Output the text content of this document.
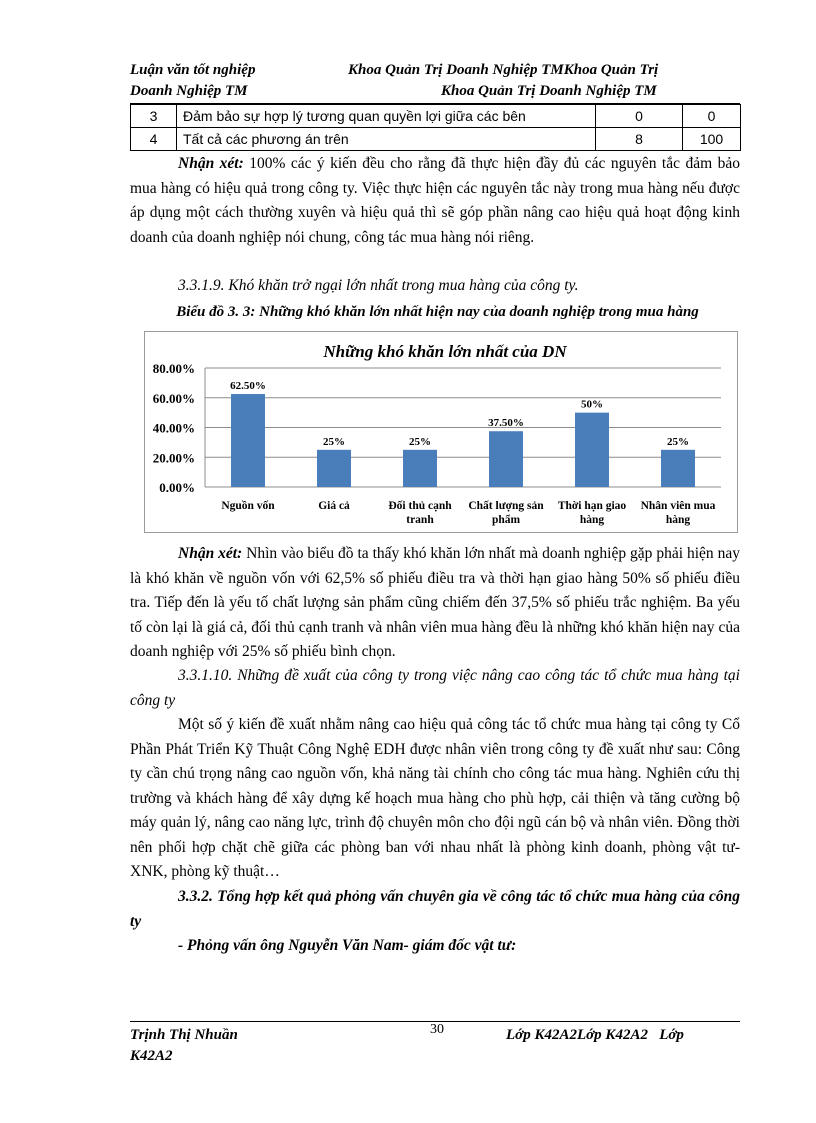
Luận văn tốt nghiệp	Khoa Quản Trị Doanh Nghiệp TMKhoa Quản Trị
Doanh Nghiệp TM	Khoa Quản Trị Doanh Nghiệp TM
3	Đảm bảo sự hợp lý tương quan quyền lợi giữa các bên	0	0
4	Tất cả các phương án trên	8	100

Nhận xét: 100% các ý kiến đều cho rằng đã thực hiện đầy đủ các nguyên tắc đảm bảo mua hàng có hiệu quả trong công ty. Việc thực hiện các nguyên tắc này trong mua hàng nếu được áp dụng một cách thường xuyên và hiệu quả thì sẽ góp phần nâng cao hiệu quả hoạt động kinh doanh của doanh nghiệp nói chung, công tác mua hàng nói riêng.

3.3.1.9. Khó khăn trở ngại lớn nhất trong mua hàng của công ty.

Biểu đồ 3. 3: Những khó khăn lớn nhất hiện nay của doanh nghiệp trong mua hàng

Những khó khăn lớn nhất của DN
0.00%
20.00%
40.00%
60.00%
80.00%
62.50%
Nguồn vốn
25%
Giá cả
25%
Đối thủ cạnh
tranh
37.50%
Chất lượng sản
phẩm
50%
Thời hạn giao
hàng
25%
Nhân viên mua
hàng

Nhận xét: Nhìn vào biểu đồ ta thấy khó khăn lớn nhất mà doanh nghiệp gặp phải hiện nay là khó khăn về nguồn vốn với 62,5% số phiếu điều tra và thời hạn giao hàng 50% số phiếu điều tra. Tiếp đến là yếu tố chất lượng sản phẩm cũng chiếm đến 37,5% số phiếu trắc nghiệm. Ba yếu tố còn lại là giá cả, đối thủ cạnh tranh và nhân viên mua hàng đều là những khó khăn hiện nay của doanh nghiệp với 25% số phiếu bình chọn.

3.3.1.10. Những đề xuất của công ty trong việc nâng cao công tác tổ chức mua hàng tại công ty

Một số ý kiến đề xuất nhằm nâng cao hiệu quả công tác tổ chức mua hàng tại công ty Cổ Phần Phát Triển Kỹ Thuật Công Nghệ EDH được nhân viên trong công ty đề xuất như sau: Công ty cần chú trọng nâng cao nguồn vốn, khả năng tài chính cho công tác mua hàng. Nghiên cứu thị trường và khách hàng để xây dựng kế hoạch mua hàng cho phù hợp, cải thiện và tăng cường bộ máy quản lý, nâng cao năng lực, trình độ chuyên môn cho đội ngũ cán bộ và nhân viên. Đồng thời nên phối hợp chặt chẽ giữa các phòng ban với nhau nhất là phòng kinh doanh, phòng vật tư- XNK, phòng kỹ thuật…

3.3.2. Tổng hợp kết quả phỏng vấn chuyên gia về công tác tổ chức mua hàng của công ty

- Phỏng vấn ông Nguyễn Văn Nam- giám đốc vật tư:

Trịnh Thị Nhuần
K42A2
30	Lớp K42A2Lớp K42A2   Lớp
